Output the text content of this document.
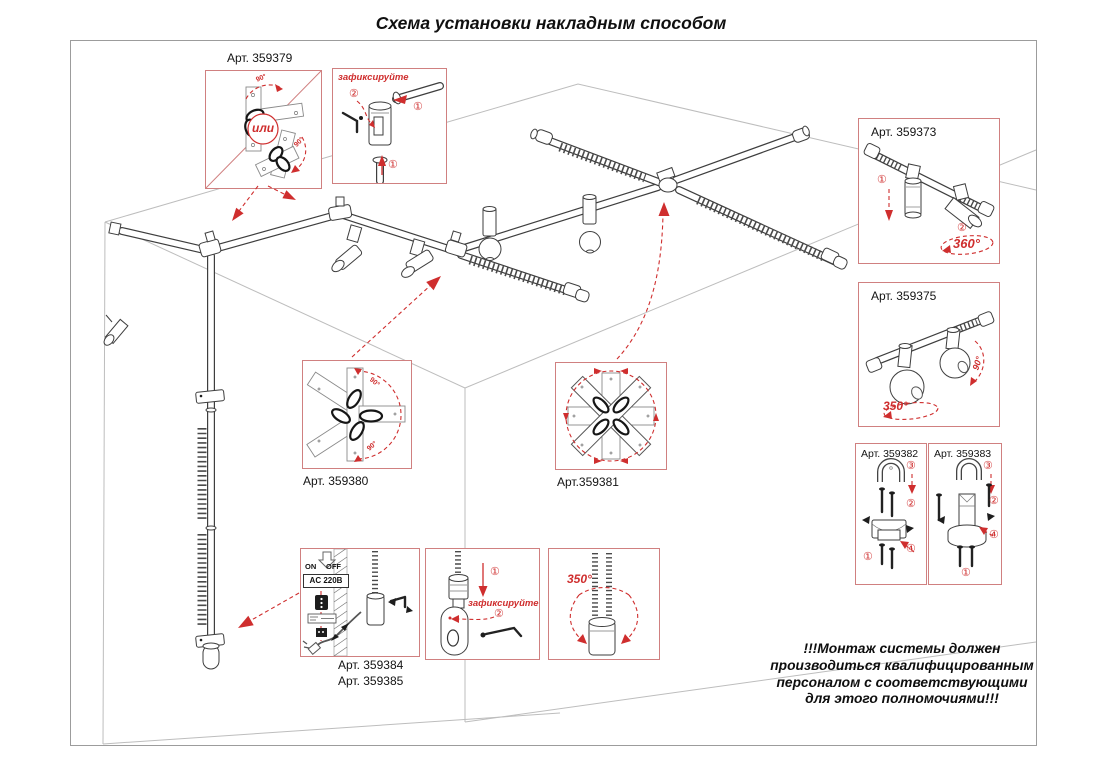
Схема установки накладным способом
или
90°
90°
Арт. 359379
зафиксируйте
②
①
①
Арт. 359373
①
②
360°
Арт. 359375
350°
90°
Арт. 359382
③
②
④
①
Арт. 359383
③
②
④
①
90°
90°
Арт. 359380	Арт.359381
ON OFF
AC 220В
Арт. 359384
Арт. 359385
①
зафиксируйте
②
350°
!!!Монтаж системы должен
производиться квалифицированным
персоналом с соответствующими
для этого полномочиями!!!
